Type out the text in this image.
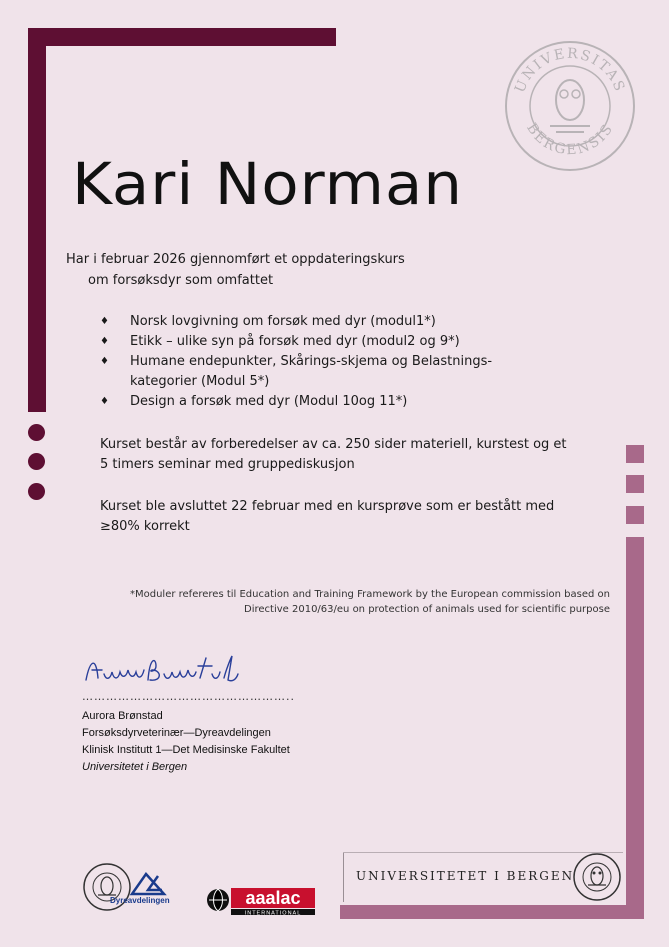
UNIVERSITAS
BERGENSIS
Kari Norman
Har i februar 2026 gjennomført et oppdateringskurs
om forsøksdyr som omfattet
♦ Norsk lovgivning om forsøk med dyr (modul1*)
♦ Etikk – ulike syn på forsøk med dyr (modul2 og 9*)
♦ Humane endepunkter, Skårings-skjema og Belastnings-kategorier (Modul 5*)
♦ Design a forsøk med dyr (Modul 10og 11*)
Kurset består av forberedelser av ca. 250 sider materiell, kurstest og et 5 timers seminar med gruppediskusjon
Kurset ble avsluttet 22 februar med en kursprøve som er bestått med ≥80% korrekt
*Moduler refereres til Education and Training Framework by the European commission based on
Directive 2010/63/eu on protection of animals used for scientific purpose
……………………………………………..
Aurora Brønstad
Forsøksdyrveterinær—Dyreavdelingen
Klinisk Institutt 1—Det Medisinske Fakultet
Universitetet i Bergen
Dyreavdelingen	aaalac
INTERNATIONAL
UNIVERSITETET I BERGEN
